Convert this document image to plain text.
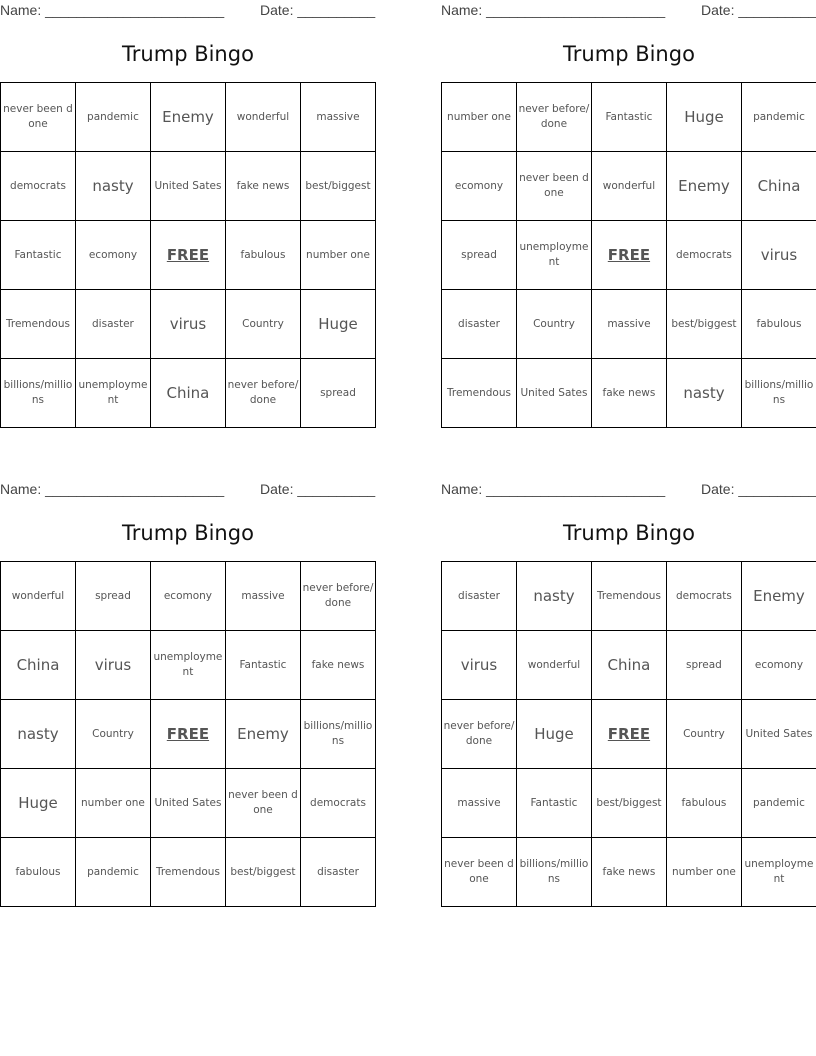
Name: _______________________	Date: __________
Trump Bingo
never been done	pandemic	Enemy	wonderful	massive
democrats	nasty	United Sates	fake news	best/biggest
Fantastic	ecomony	FREE	fabulous	number one
Tremendous	disaster	virus	Country	Huge
billions/millions	unemployment	China	never before/done	spread
Name: _______________________	Date: __________
Trump Bingo
number one	never before/done	Fantastic	Huge	pandemic
ecomony	never been done	wonderful	Enemy	China
spread	unemployment	FREE	democrats	virus
disaster	Country	massive	best/biggest	fabulous
Tremendous	United Sates	fake news	nasty	billions/millions
Name: _______________________	Date: __________
Trump Bingo
wonderful	spread	ecomony	massive	never before/done
China	virus	unemployment	Fantastic	fake news
nasty	Country	FREE	Enemy	billions/millions
Huge	number one	United Sates	never been done	democrats
fabulous	pandemic	Tremendous	best/biggest	disaster
Name: _______________________	Date: __________
Trump Bingo
disaster	nasty	Tremendous	democrats	Enemy
virus	wonderful	China	spread	ecomony
never before/done	Huge	FREE	Country	United Sates
massive	Fantastic	best/biggest	fabulous	pandemic
never been done	billions/millions	fake news	number one	unemployment
